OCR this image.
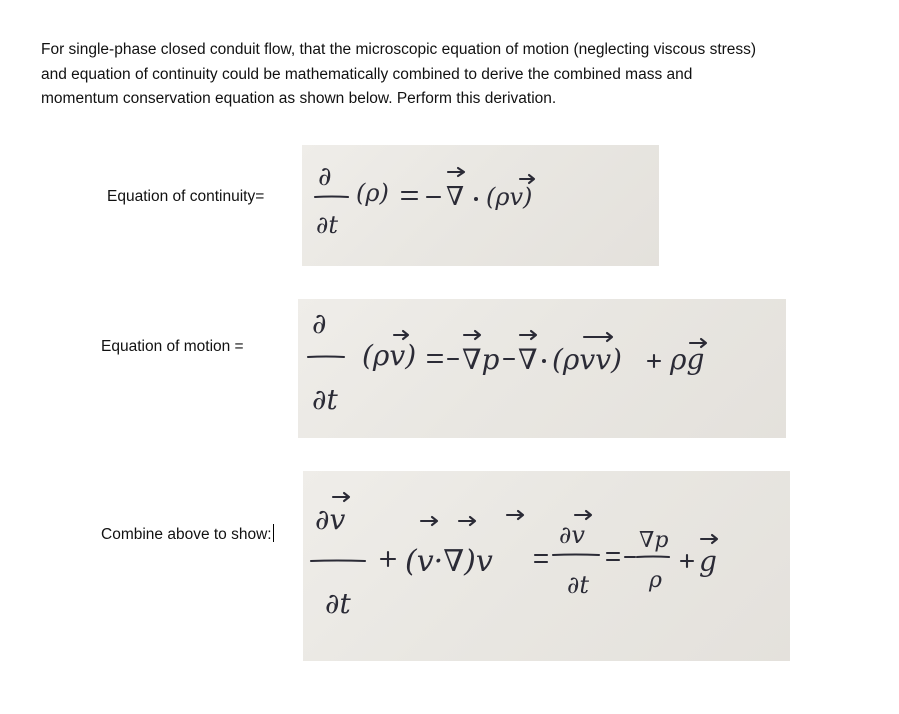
For single-phase closed conduit flow, that the microscopic equation of motion (neglecting viscous stress)
and equation of continuity could be mathematically combined to derive the combined mass and
momentum conservation equation as shown below. Perform this derivation.
Equation of continuity=
∂
∂t
(ρ) ∇ (ρv)
Equation of motion =
∂
∂t
(ρv) ∇p ∇ (ρvv) ρg
Combine above to show: ∂v
∂t
(v·∇)v
∂v
∂t
∇p
ρ
g
